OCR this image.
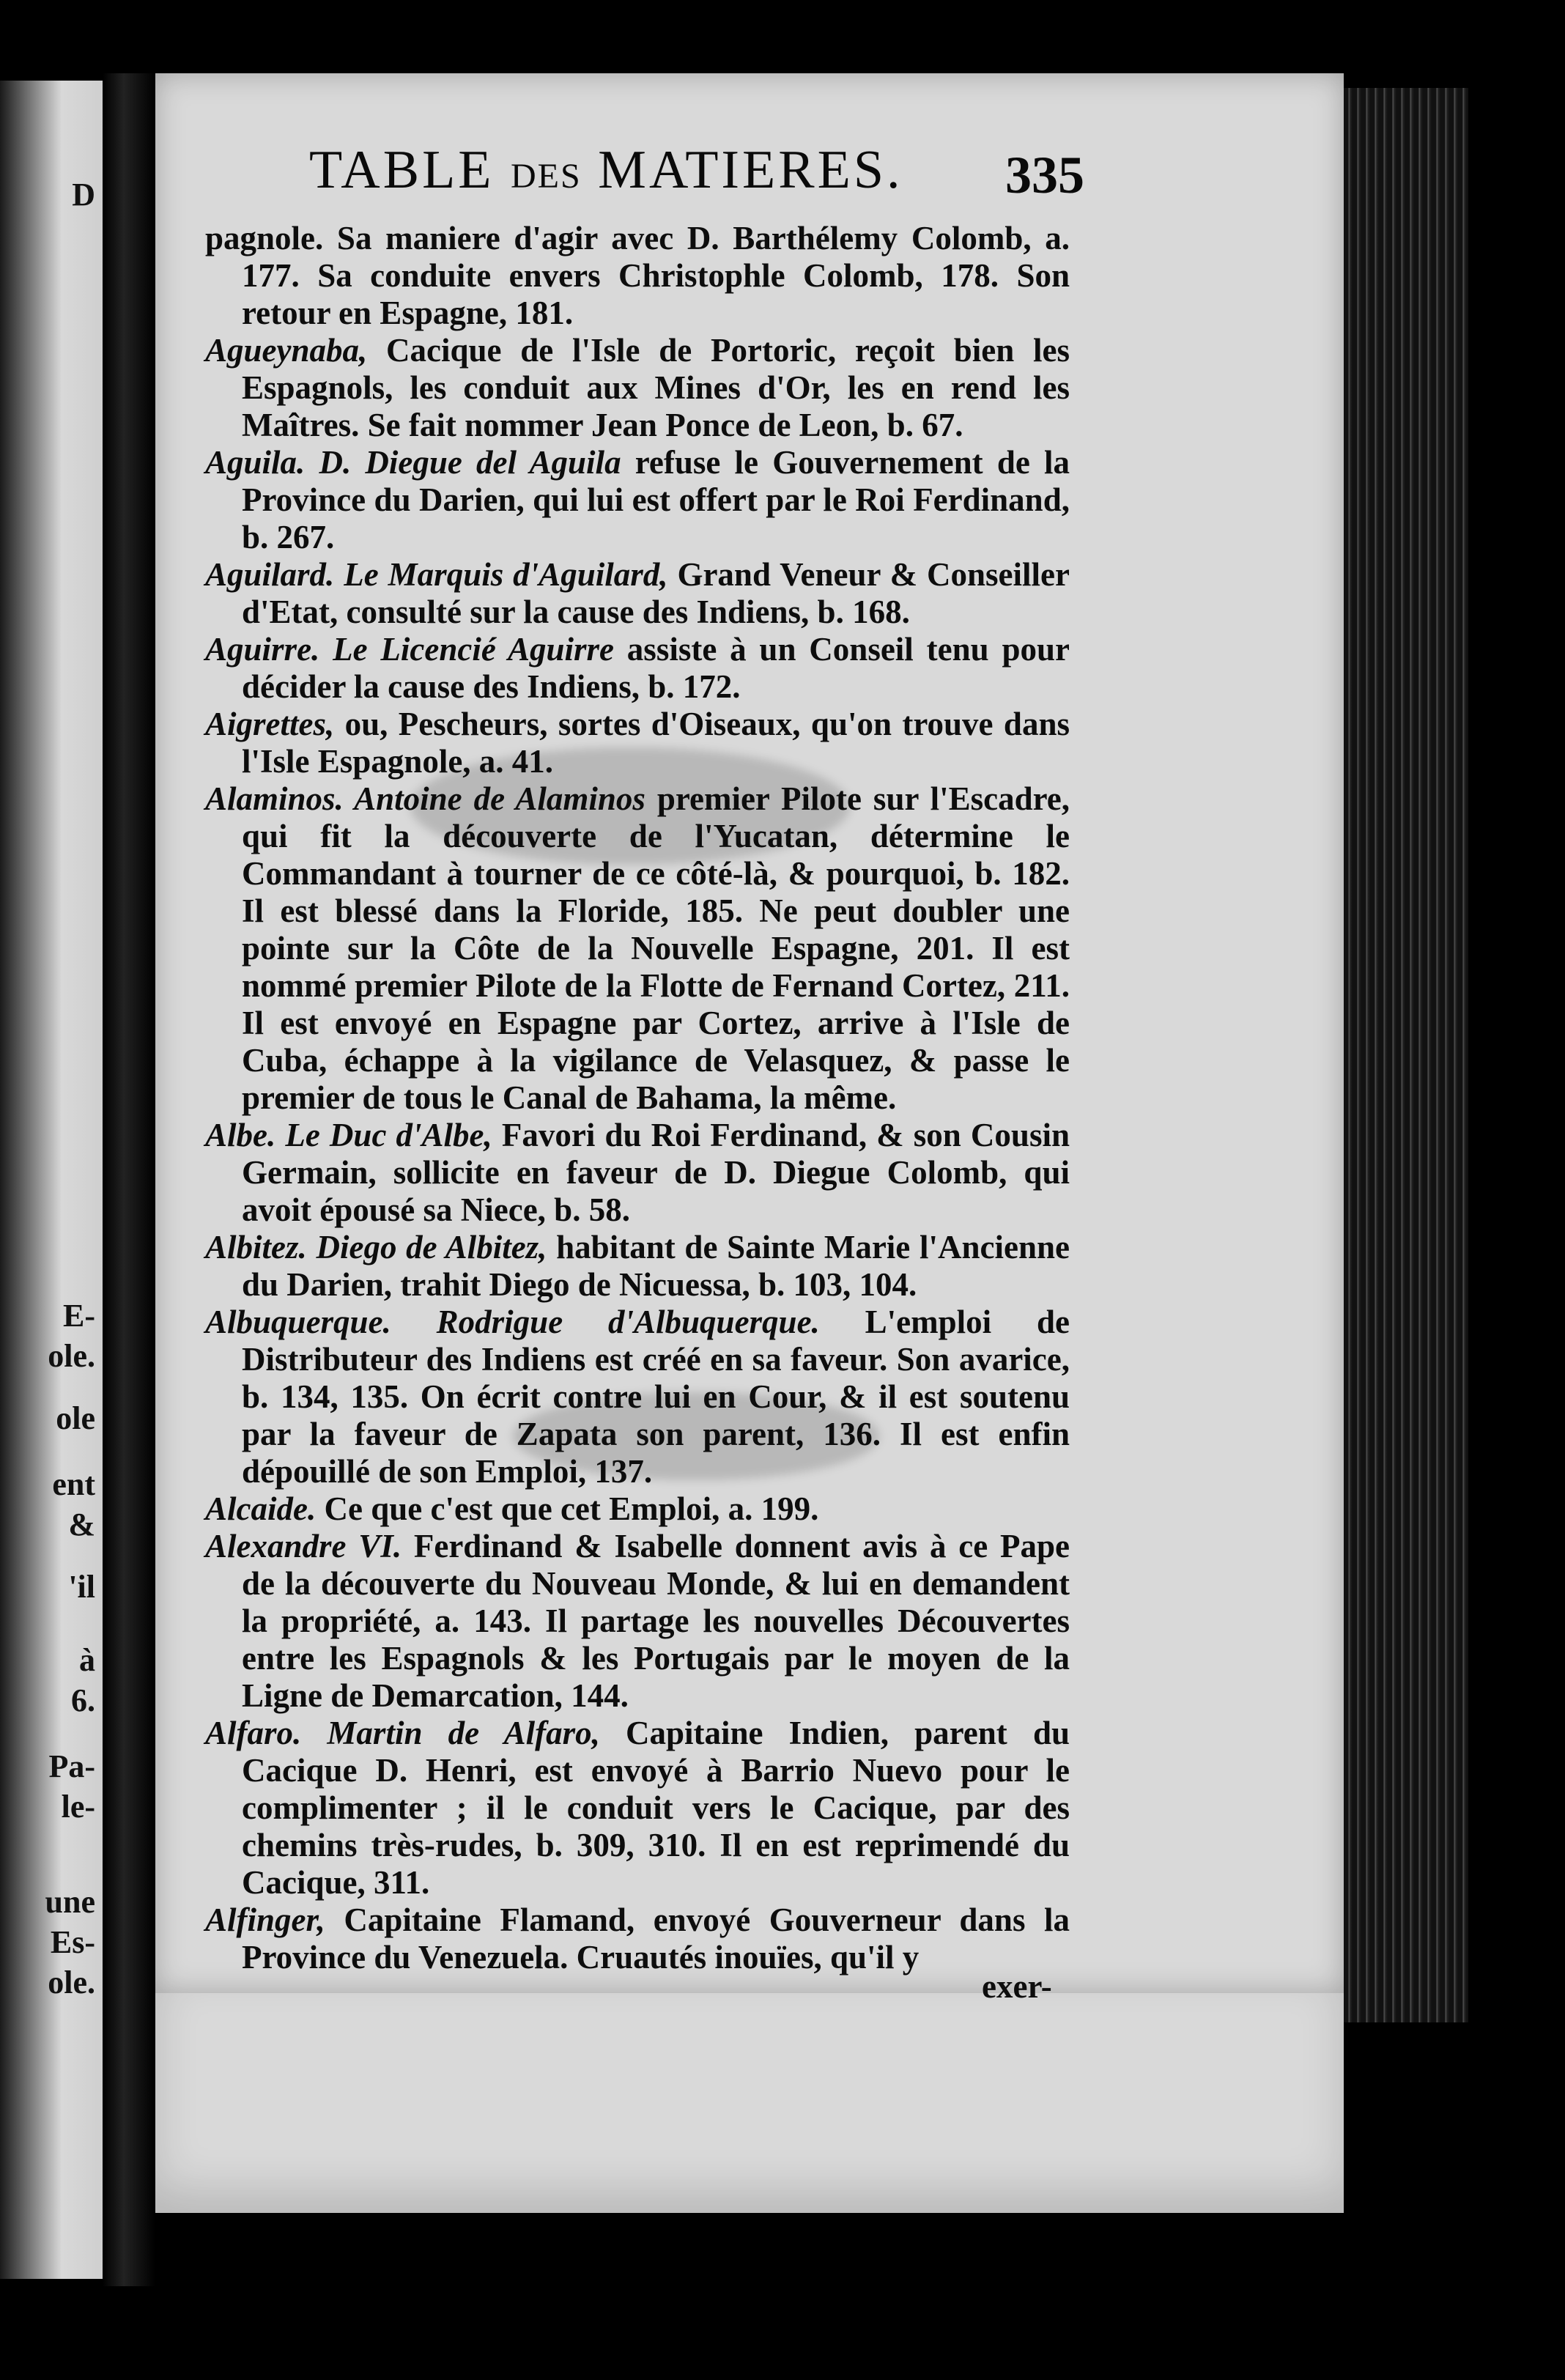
D
E-
ole.
ole
ent
&
'il
à
6.
Pa-
le-
une
Es-
ole.
TABLE DES MATIERES. 335

pagnole. Sa maniere d'agir avec D. Barthélemy Colomb, a. 177. Sa conduite envers Christophle Colomb, 178. Son retour en Espagne, 181.

Agueynaba, Cacique de l'Isle de Portoric, reçoit bien les Espagnols, les conduit aux Mines d'Or, les en rend les Maîtres. Se fait nommer Jean Ponce de Leon, b. 67.

Aguila. D. Diegue del Aguila refuse le Gouvernement de la Province du Darien, qui lui est offert par le Roi Ferdinand, b. 267.

Aguilard. Le Marquis d'Aguilard, Grand Veneur & Conseiller d'Etat, consulté sur la cause des Indiens, b. 168.

Aguirre. Le Licencié Aguirre assiste à un Conseil tenu pour décider la cause des Indiens, b. 172.

Aigrettes, ou, Pescheurs, sortes d'Oiseaux, qu'on trouve dans l'Isle Espagnole, a. 41.

Alaminos. Antoine de Alaminos premier Pilote sur l'Escadre, qui fit la découverte de l'Yucatan, détermine le Commandant à tourner de ce côté-là, & pourquoi, b. 182. Il est blessé dans la Floride, 185. Ne peut doubler une pointe sur la Côte de la Nouvelle Espagne, 201. Il est nommé premier Pilote de la Flotte de Fernand Cortez, 211. Il est envoyé en Espagne par Cortez, arrive à l'Isle de Cuba, échappe à la vigilance de Velasquez, & passe le premier de tous le Canal de Bahama, la même.

Albe. Le Duc d'Albe, Favori du Roi Ferdinand, & son Cousin Germain, sollicite en faveur de D. Diegue Colomb, qui avoit épousé sa Niece, b. 58.

Albitez. Diego de Albitez, habitant de Sainte Marie l'Ancienne du Darien, trahit Diego de Nicuessa, b. 103, 104.

Albuquerque. Rodrigue d'Albuquerque. L'emploi de Distributeur des Indiens est créé en sa faveur. Son avarice, b. 134, 135. On écrit contre lui en Cour, & il est soutenu par la faveur de Zapata son parent, 136. Il est enfin dépouillé de son Emploi, 137.

Alcaide. Ce que c'est que cet Emploi, a. 199.

Alexandre VI. Ferdinand & Isabelle donnent avis à ce Pape de la découverte du Nouveau Monde, & lui en demandent la propriété, a. 143. Il partage les nouvelles Découvertes entre les Espagnols & les Portugais par le moyen de la Ligne de Demarcation, 144.

Alfaro. Martin de Alfaro, Capitaine Indien, parent du Cacique D. Henri, est envoyé à Barrio Nuevo pour le complimenter ; il le conduit vers le Cacique, par des chemins très-rudes, b. 309, 310. Il en est reprimendé du Cacique, 311.

Alfinger, Capitaine Flamand, envoyé Gouverneur dans la Province du Venezuela. Cruautés inouïes, qu'il y

exer-
